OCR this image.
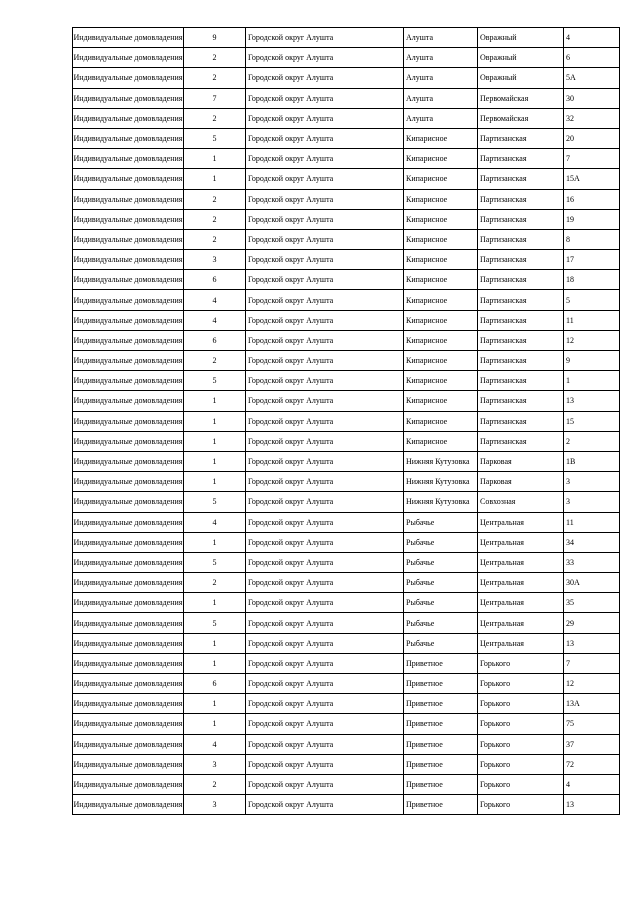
Индивидуальные домовладения	9	Городской округ Алушта	Алушта	Овражный	4
Индивидуальные домовладения	2	Городской округ Алушта	Алушта	Овражный	6
Индивидуальные домовладения	2	Городской округ Алушта	Алушта	Овражный	5А
Индивидуальные домовладения	7	Городской округ Алушта	Алушта	Первомайская	30
Индивидуальные домовладения	2	Городской округ Алушта	Алушта	Первомайская	32
Индивидуальные домовладения	5	Городской округ Алушта	Кипарисное	Партизанская	20
Индивидуальные домовладения	1	Городской округ Алушта	Кипарисное	Партизанская	7
Индивидуальные домовладения	1	Городской округ Алушта	Кипарисное	Партизанская	15А
Индивидуальные домовладения	2	Городской округ Алушта	Кипарисное	Партизанская	16
Индивидуальные домовладения	2	Городской округ Алушта	Кипарисное	Партизанская	19
Индивидуальные домовладения	2	Городской округ Алушта	Кипарисное	Партизанская	8
Индивидуальные домовладения	3	Городской округ Алушта	Кипарисное	Партизанская	17
Индивидуальные домовладения	6	Городской округ Алушта	Кипарисное	Партизанская	18
Индивидуальные домовладения	4	Городской округ Алушта	Кипарисное	Партизанская	5
Индивидуальные домовладения	4	Городской округ Алушта	Кипарисное	Партизанская	11
Индивидуальные домовладения	6	Городской округ Алушта	Кипарисное	Партизанская	12
Индивидуальные домовладения	2	Городской округ Алушта	Кипарисное	Партизанская	9
Индивидуальные домовладения	5	Городской округ Алушта	Кипарисное	Партизанская	1
Индивидуальные домовладения	1	Городской округ Алушта	Кипарисное	Партизанская	13
Индивидуальные домовладения	1	Городской округ Алушта	Кипарисное	Партизанская	15
Индивидуальные домовладения	1	Городской округ Алушта	Кипарисное	Партизанская	2
Индивидуальные домовладения	1	Городской округ Алушта	Нижняя Кутузовка	Парковая	1В
Индивидуальные домовладения	1	Городской округ Алушта	Нижняя Кутузовка	Парковая	3
Индивидуальные домовладения	5	Городской округ Алушта	Нижняя Кутузовка	Совхозная	3
Индивидуальные домовладения	4	Городской округ Алушта	Рыбачье	Центральная	11
Индивидуальные домовладения	1	Городской округ Алушта	Рыбачье	Центральная	34
Индивидуальные домовладения	5	Городской округ Алушта	Рыбачье	Центральная	33
Индивидуальные домовладения	2	Городской округ Алушта	Рыбачье	Центральная	30А
Индивидуальные домовладения	1	Городской округ Алушта	Рыбачье	Центральная	35
Индивидуальные домовладения	5	Городской округ Алушта	Рыбачье	Центральная	29
Индивидуальные домовладения	1	Городской округ Алушта	Рыбачье	Центральная	13
Индивидуальные домовладения	1	Городской округ Алушта	Приветное	Горького	7
Индивидуальные домовладения	6	Городской округ Алушта	Приветное	Горького	12
Индивидуальные домовладения	1	Городской округ Алушта	Приветное	Горького	13А
Индивидуальные домовладения	1	Городской округ Алушта	Приветное	Горького	75
Индивидуальные домовладения	4	Городской округ Алушта	Приветное	Горького	37
Индивидуальные домовладения	3	Городской округ Алушта	Приветное	Горького	72
Индивидуальные домовладения	2	Городской округ Алушта	Приветное	Горького	4
Индивидуальные домовладения	3	Городской округ Алушта	Приветное	Горького	13
